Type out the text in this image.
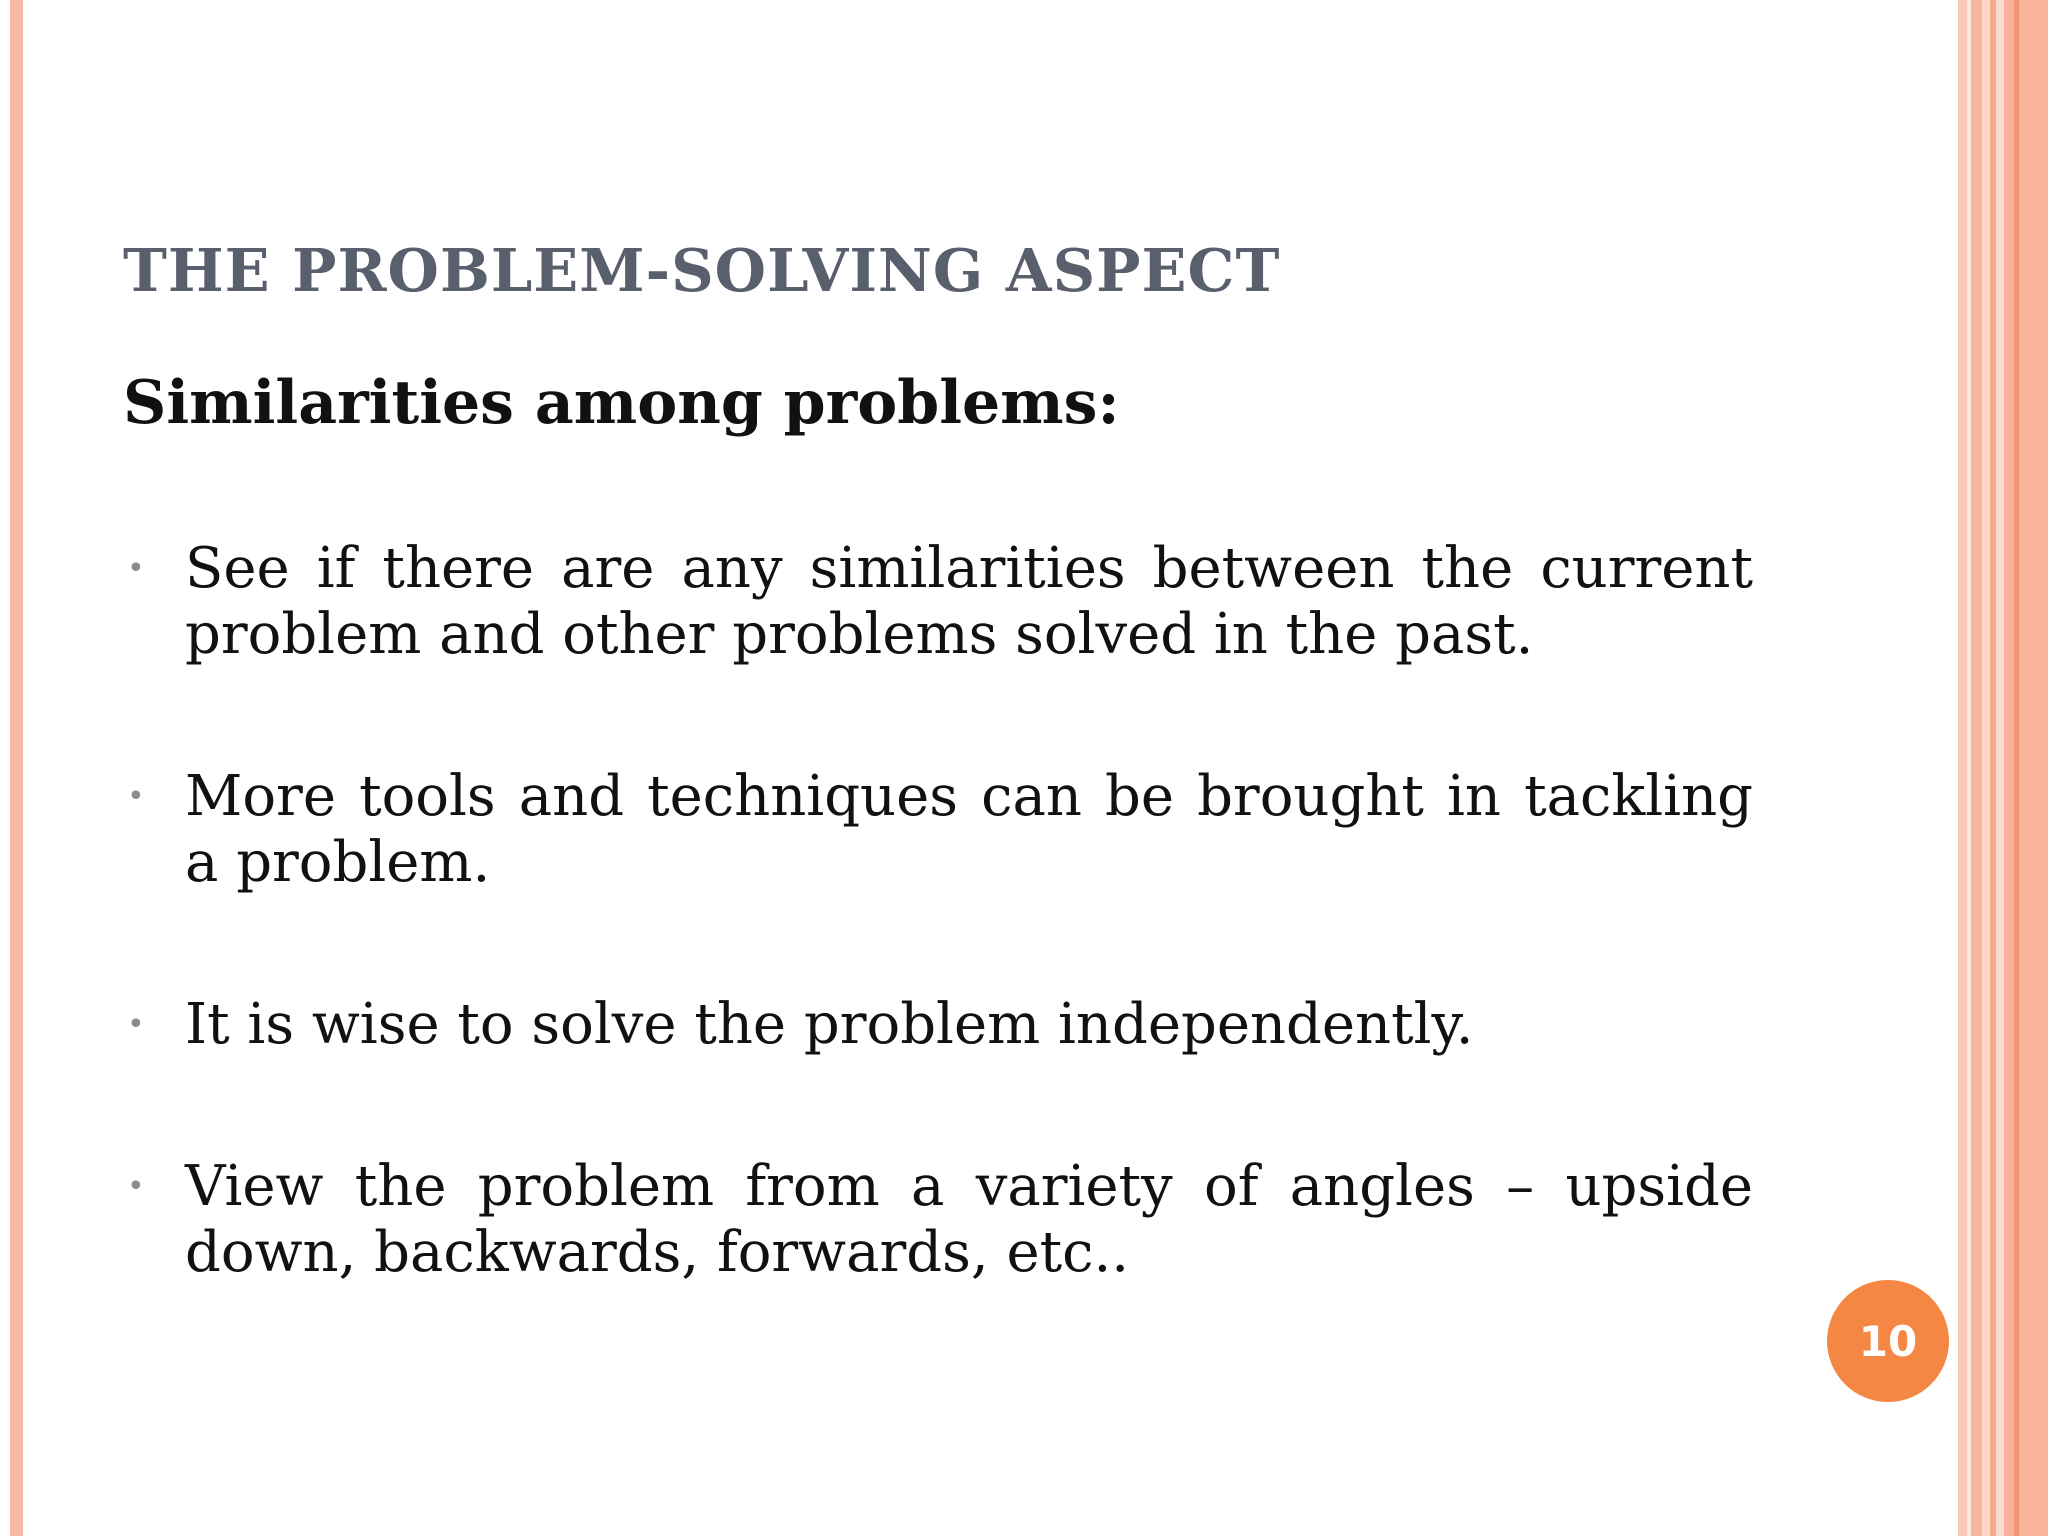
THE PROBLEM-SOLVING ASPECT
Similarities among problems:
• See if there are any similarities between the current problem and other problems solved in the past.
• More tools and techniques can be brought in tackling a problem.
• It is wise to solve the problem independently.
• View the problem from a variety of angles – upside down, backwards, forwards, etc..
10
